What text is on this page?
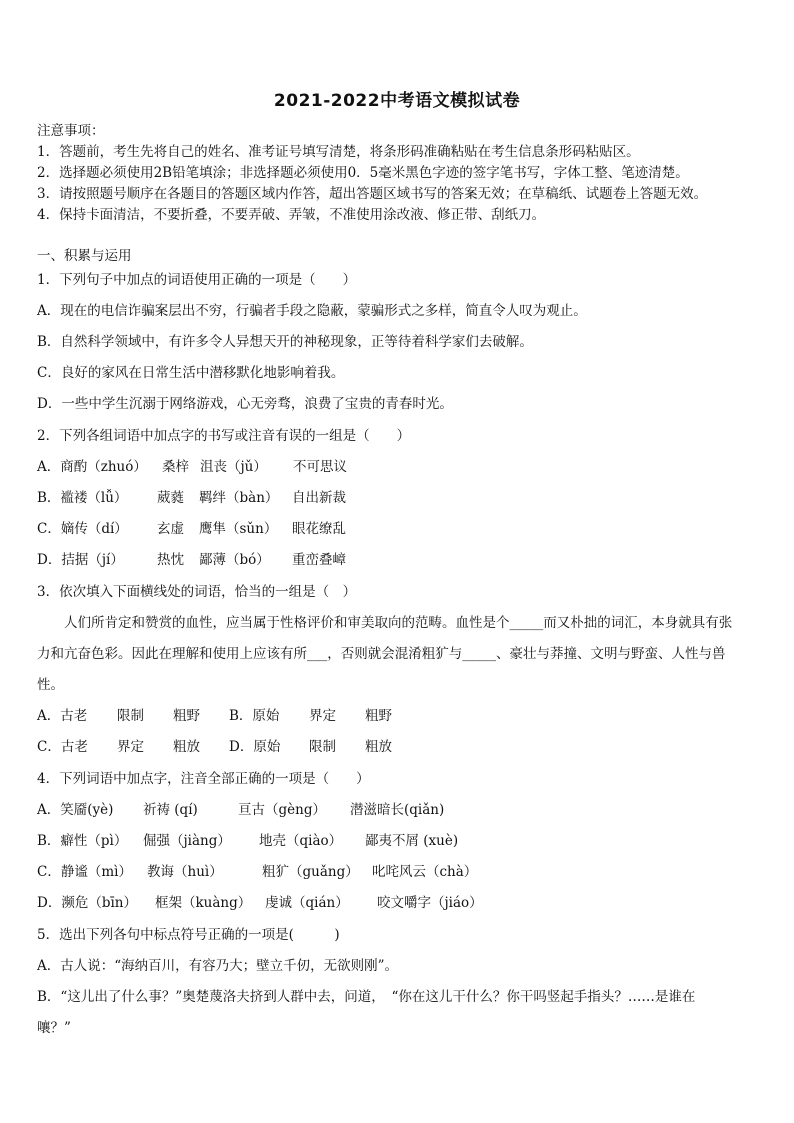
2021-2022中考语文模拟试卷
注意事项：
1．答题前，考生先将自己的姓名、准考证号填写清楚，将条形码准确粘贴在考生信息条形码粘贴区。
2．选择题必须使用2B铅笔填涂；非选择题必须使用0．5毫米黑色字迹的签字笔书写，字体工整、笔迹清楚。
3．请按照题号顺序在各题目的答题区域内作答，超出答题区域书写的答案无效；在草稿纸、试题卷上答题无效。
4．保持卡面清洁，不要折叠，不要弄破、弄皱，不准使用涂改液、修正带、刮纸刀。
一、积累与运用
1．下列句子中加点的词语使用正确的一项是（　　）
A．现在的电信诈骗案层出不穷，行骗者手段之隐蔽，蒙骗形式之多样，简直令人叹为观止。
B．自然科学领域中，有许多令人异想天开的神秘现象，正等待着科学家们去破解。
C．良好的家风在日常生活中潜移默化地影响着我。
D．一些中学生沉溺于网络游戏，心无旁骛，浪费了宝贵的青春时光。
2．下列各组词语中加点字的书写或注音有误的一组是（　　）
A．商酌（zhuó） 桑梓 沮丧（jǔ） 不可思议
B．褴褛（lǚ） 葳蕤 羁绊（bàn） 自出新裁
C．嫡传（dí） 玄虚 鹰隼（sǔn） 眼花缭乱
D．拮据（jí） 热忱 鄙薄（bó） 重峦叠嶂
3．依次填入下面横线处的词语，恰当的一组是（　）
人们所肯定和赞赏的血性，应当属于性格评价和审美取向的范畴。血性是个_____而又朴拙的词汇，本身就具有张
力和亢奋色彩。因此在理解和使用上应该有所___，否则就会混淆粗犷与_____、豪壮与莽撞、文明与野蛮、人性与兽
性。
A．古老 限制 粗野 B．原始 界定 粗野
C．古老 界定 粗放 D．原始 限制 粗放
4．下列词语中加点字，注音全部正确的一项是（　　）
A．笑靥(yè) 祈祷 (qí)	亘古（gèng） 潜滋暗长(qiǎn)
B．癖性（pì） 倔强（jiàng） 地壳（qiào） 鄙夷不屑 (xuè)
C．静谧（mì） 教诲（huì）	粗犷（guǎng） 叱咤风云（chà）
D．濒危（bīn） 框架（kuàng） 虔诚（qián） 咬文嚼字（jiáo）
5．选出下列各句中标点符号正确的一项是(　　　)
A．古人说：“海纳百川，有容乃大；壁立千仞，无欲则刚”。
B．“这儿出了什么事？”奥楚蔑洛夫挤到人群中去，问道，　“你在这儿干什么？你干吗竖起手指头？……是谁在
嚷？”
